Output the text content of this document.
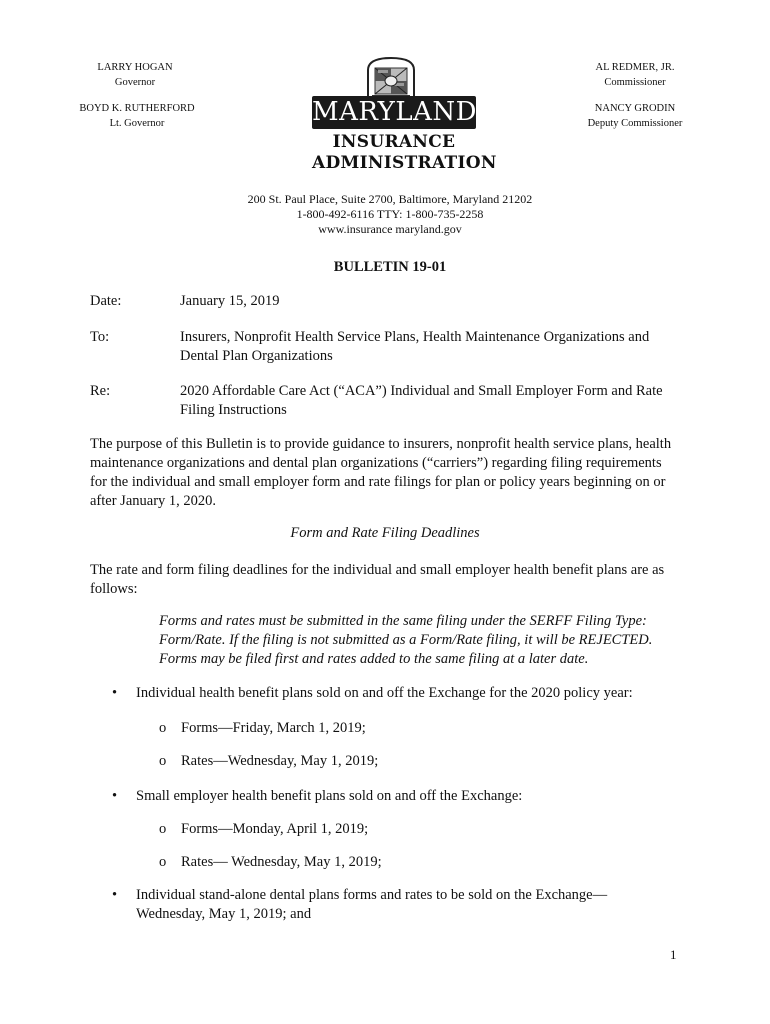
LARRY HOGAN
Governor
BOYD K. RUTHERFORD
Lt. Governor
AL REDMER, JR.
Commissioner
NANCY GRODIN
Deputy Commissioner
MARYLAND
INSURANCE
ADMINISTRATION
200 St. Paul Place, Suite 2700, Baltimore, Maryland 21202
1-800-492-6116 TTY: 1-800-735-2258
www.insurance maryland.gov
BULLETIN 19-01
Date:	January 15, 2019
To:	Insurers, Nonprofit Health Service Plans, Health Maintenance Organizations and Dental Plan Organizations
Re:	2020 Affordable Care Act (“ACA”) Individual and Small Employer Form and Rate Filing Instructions
The purpose of this Bulletin is to provide guidance to insurers, nonprofit health service plans, health maintenance organizations and dental plan organizations (“carriers”) regarding filing requirements for the individual and small employer form and rate filings for plan or policy years beginning on or after January 1, 2020.
Form and Rate Filing Deadlines
The rate and form filing deadlines for the individual and small employer health benefit plans are as follows:
Forms and rates must be submitted in the same filing under the SERFF Filing Type: Form/Rate. If the filing is not submitted as a Form/Rate filing, it will be REJECTED. Forms may be filed first and rates added to the same filing at a later date.
•	Individual health benefit plans sold on and off the Exchange for the 2020 policy year:
o	Forms—Friday, March 1, 2019;
o	Rates—Wednesday, May 1, 2019;
•	Small employer health benefit plans sold on and off the Exchange:
o	Forms—Monday, April 1, 2019;
o	Rates— Wednesday, May 1, 2019;
•	Individual stand-alone dental plans forms and rates to be sold on the Exchange—Wednesday, May 1, 2019; and
1
